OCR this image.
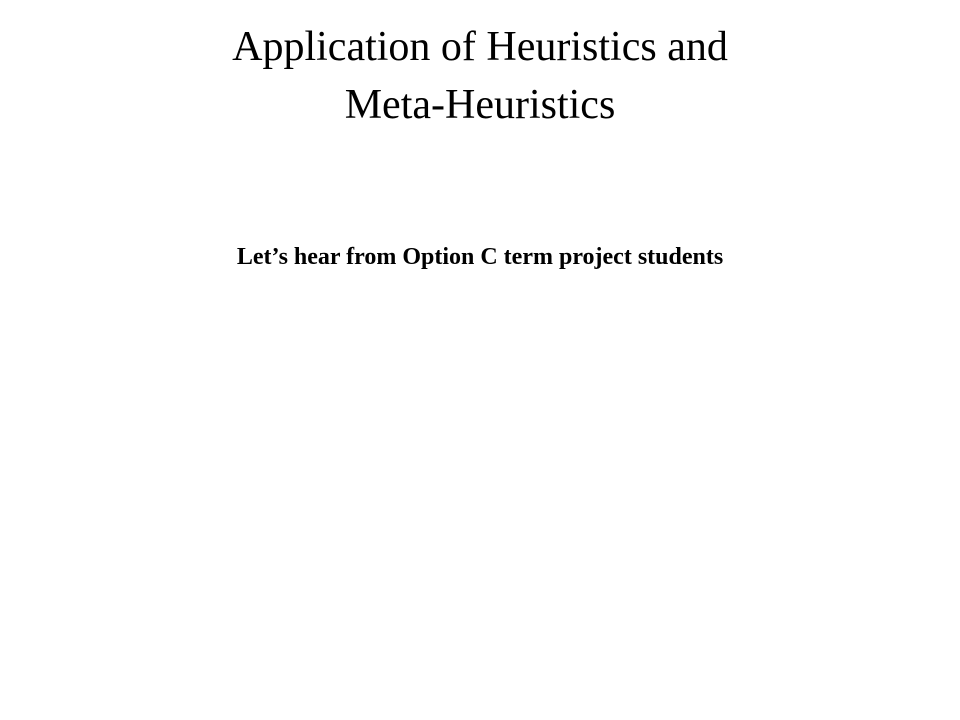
Application of Heuristics and
Meta-Heuristics

Let’s hear from Option C term project students
